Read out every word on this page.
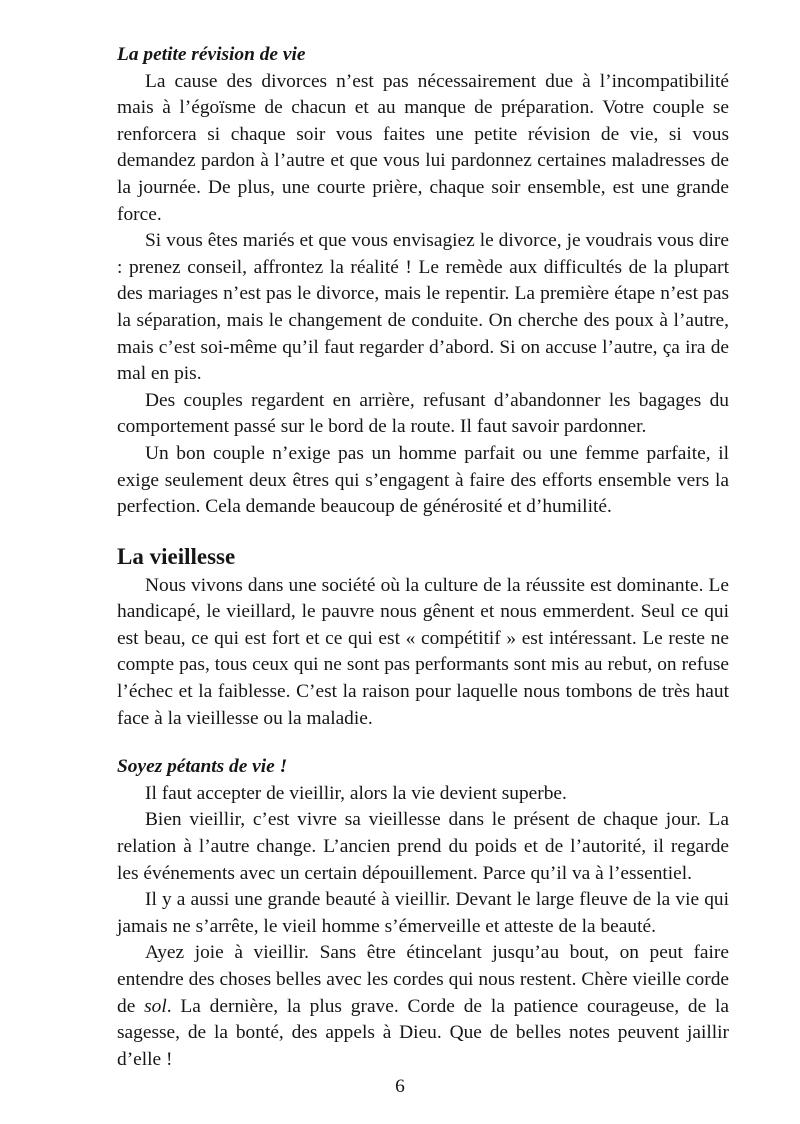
La petite révision de vie

La cause des divorces n’est pas nécessairement due à l’incompatibilité mais à l’égoïsme de chacun et au manque de préparation. Votre couple se renforcera si chaque soir vous faites une petite révision de vie, si vous demandez pardon à l’autre et que vous lui pardonnez certaines maladresses de la journée. De plus, une courte prière, chaque soir ensemble, est une grande force.

Si vous êtes mariés et que vous envisagiez le divorce, je voudrais vous dire : prenez conseil, affrontez la réalité ! Le remède aux difficultés de la plupart des mariages n’est pas le divorce, mais le repentir. La première étape n’est pas la séparation, mais le changement de conduite. On cherche des poux à l’autre, mais c’est soi-même qu’il faut regarder d’abord. Si on accuse l’autre, ça ira de mal en pis.

Des couples regardent en arrière, refusant d’abandonner les bagages du comportement passé sur le bord de la route. Il faut savoir pardonner.

Un bon couple n’exige pas un homme parfait ou une femme parfaite, il exige seulement deux êtres qui s’engagent à faire des efforts ensemble vers la perfection. Cela demande beaucoup de générosité et d’humilité.

La vieillesse

Nous vivons dans une société où la culture de la réussite est dominante. Le handicapé, le vieillard, le pauvre nous gênent et nous emmerdent. Seul ce qui est beau, ce qui est fort et ce qui est « compétitif » est intéressant. Le reste ne compte pas, tous ceux qui ne sont pas performants sont mis au rebut, on refuse l’échec et la faiblesse. C’est la raison pour laquelle nous tombons de très haut face à la vieillesse ou la maladie.

Soyez pétants de vie !

Il faut accepter de vieillir, alors la vie devient superbe.

Bien vieillir, c’est vivre sa vieillesse dans le présent de chaque jour. La relation à l’autre change. L’ancien prend du poids et de l’autorité, il regarde les événements avec un certain dépouillement. Parce qu’il va à l’essentiel.

Il y a aussi une grande beauté à vieillir. Devant le large fleuve de la vie qui jamais ne s’arrête, le vieil homme s’émerveille et atteste de la beauté.

Ayez joie à vieillir. Sans être étincelant jusqu’au bout, on peut faire entendre des choses belles avec les cordes qui nous restent. Chère vieille corde de sol. La dernière, la plus grave. Corde de la patience courageuse, de la sagesse, de la bonté, des appels à Dieu. Que de belles notes peuvent jaillir d’elle !

6
